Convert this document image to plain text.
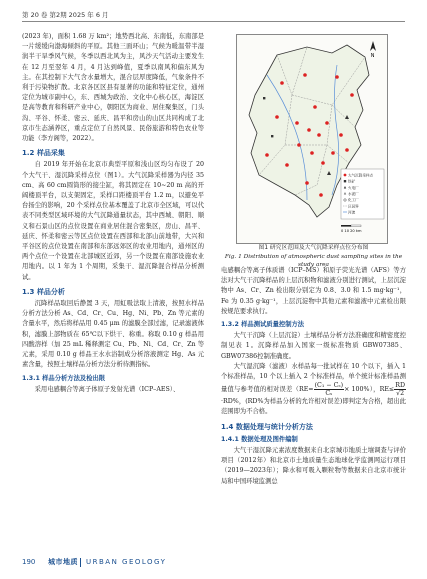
第 20 卷 第2期 2025 年 6 月

(2023 年)，面积 1.68 万 km²；地势西北高、东南低，东南部是一片缓缓向渤海倾斜的平原。其他三面环山；气候为暖温带半湿润半干旱季风气候，冬季以西北风为主，风沙天气活动主要发生在 12 月至翌年 4 月，4 月达到峰值，夏季以南风和偏东风为主。在其控制下大气含水量增大，混合层厚度降低，气象条件不利于污染物扩散。北京各区区县有显著的功能和特征定位，通州定位为城市副中心，东、西城为政治、文化中心核心区，海淀区是高等教育和科研产业中心，朝阳区为商业、居住聚集区，门头沟、平谷、怀柔、密云、延庆、昌平和房山的山区共同构成了北京市生态涵养区，重点定位了自然风景、民俗旅游和特色农业等功能（李方阁等，2022）。

1.2 样品采集

自 2019 年开始在北京市典型平原和浅山区均匀布设了 20 个大气干、湿沉降采样点位（图1）。大气沉降采样器为内径 35 cm、高 60 cm圆筒形的接尘缸，将其固定在 10~20 m 高的开阔楼顶平台，以支架固定，采样口距楼顶平台 1.2 m，以避免平台扬尘的影响，20 个采样点位基本覆盖了北京市全区域，可以代表不同类型区域环境的大气沉降通量状态，其中西城、朝阳、顺义和石景山区的点位设置在商业居住混合密集区，房山、昌平、延庆、怀柔和密云等区点位设置在西部和北部山前地带，大兴和平谷区的点位设置在南部和东部远郊区的农业用地内，通州区的两个点位一个设置在北部城区近郊，另一个设置在南部设施农业用地内。以 1 年为 1 个周期，采集干、湿沉降混合样品分析测试。

1.3 样品分析

沉降样品取回后静置 3 天，用虹吸法取上清液，按照水样品分析方法分析 As、Cd、Cr、Cu、Hg、Ni、Pb、Zn 等元素的含量水平，然后将样品用 0.45 μm 的滤膜全部过滤，记录滤液体积，滤膜上部物质在 65℃以下烘干、称重。称取 0.10 g 样品用四酸溶样（加 25 mL 稀释测定 Cu、Pb、Ni、Cd、Cr、Zn 等元素，采用 0.10 g 样品王水水浴制成分析溶液测定 Hg、As 元素含量，按照土壤样品分析方法分析待测指标。

1.3.1 样品分析方法及检出限

采用电感耦合等离子体原子发射光谱（ICP–AES）、

N
大气沉降采样点
铁矿
火电厂
水泥厂
化工厂
区县界
河流
0 10 20 km
图1 研究区范围及大气沉降采样点位分布图
Fig. 1 Distribution of atmospheric dust sampling sites in the study area

电感耦合等离子体质谱（ICP–MS）和原子荧光光谱（AFS）等方法对大气干沉降样品的上层沉积物和滤液分别进行测试，上层沉淀物中 As、Cr、Zn 检出限分别定为 0.8、3.0 和 1.5 mg·kg⁻¹，Fe 为 0.35 g·kg⁻¹，上层沉淀物中其他元素和滤液中元素检出限按规范要求执行。

1.3.2 样品测试质量控制方法

大气干沉降（上层沉淀）土壤样品分析方法准确度和精密度控制见表 1。沉降样品加入国家一级标准物质 GBW07385、GBW07386控制准确度。

大气湿沉降（滤液）水样品每一批试样在 10 个以下，插入 1 个标准样品，10 个以上插入 2 个标准样品，单个统计标准样品测量值与参考值的相对误差$(RE= \frac{\text{(C₁ − Cₛ)}}{\text{Cₛ}} \times 100\%)$，$RE\le \frac{RD}{√2}$
·RD%，(RD%为样品分析的允许相对误差)即判定为合格，超出此范围即为不合格。

1.4 数据处理与统计分析方法
1.4.1 数据处理及图件编制

大气干湿沉降元素浓度数据来自北京城市地质土壤调查与评价项目（2012年）和北京市土地质量生态地球化学监测网运行项目（2019—2023年）；降水和可吸入颗粒物等数据来自北京市统计局和中国环境监测总

190 城市地质 URBAN GEOLOGY
